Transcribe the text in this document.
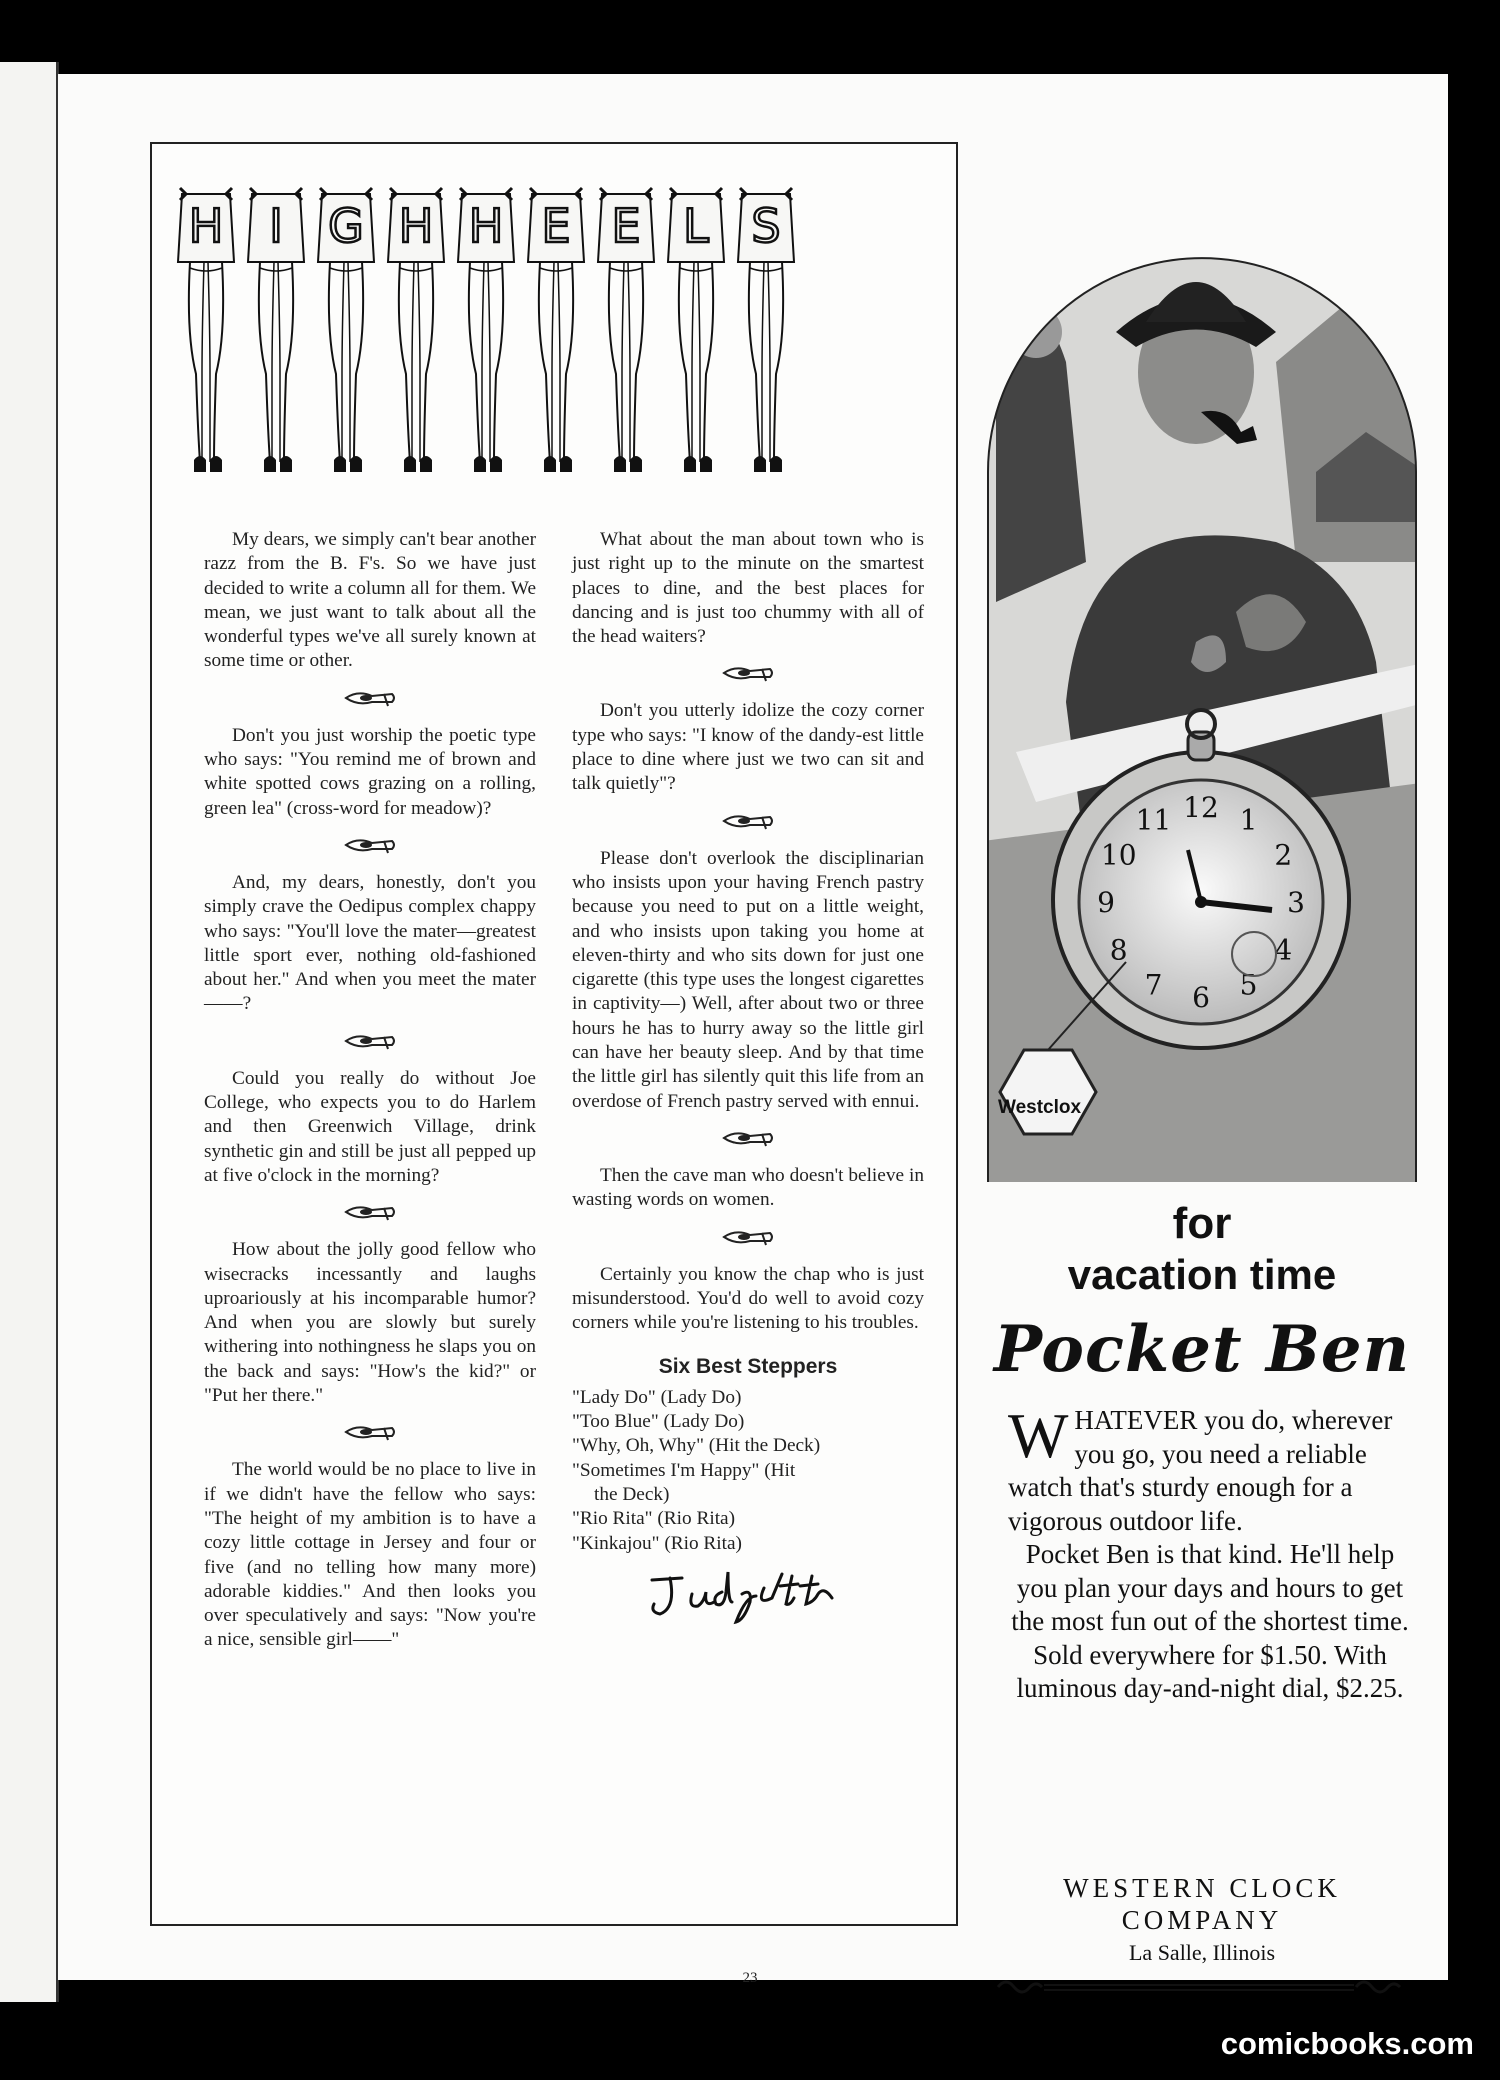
H I G H H E E L S

My dears, we simply can't bear another razz from the B. F's. So we have just decided to write a column all for them. We mean, we just want to talk about all the wonderful types we've all surely known at some time or other.

Don't you just worship the poetic type who says: "You remind me of brown and white spotted cows grazing on a rolling, green lea" (cross-word for meadow)?

And, my dears, honestly, don't you simply crave the Oedipus complex chappy who says: "You'll love the mater—greatest little sport ever, nothing old-fashioned about her." And when you meet the mater——?

Could you really do without Joe College, who expects you to do Harlem and then Greenwich Village, drink synthetic gin and still be just all pepped up at five o'clock in the morning?

How about the jolly good fellow who wisecracks incessantly and laughs uproariously at his incomparable humor? And when you are slowly but surely withering into nothingness he slaps you on the back and says: "How's the kid?" or "Put her there."

The world would be no place to live in if we didn't have the fellow who says: "The height of my ambition is to have a cozy little cottage in Jersey and four or five (and no telling how many more) adorable kiddies." And then looks you over speculatively and says: "Now you're a nice, sensible girl——"

What about the man about town who is just right up to the minute on the smartest places to dine, and the best places for dancing and is just too chummy with all of the head waiters?

Don't you utterly idolize the cozy corner type who says: "I know of the dandy-est little place to dine where just we two can sit and talk quietly"?

Please don't overlook the disciplinarian who insists upon your having French pastry because you need to put on a little weight, and who insists upon taking you home at eleven-thirty and who sits down for just one cigarette (this type uses the longest cigarettes in captivity—) Well, after about two or three hours he has to hurry away so the little girl can have her beauty sleep. And by that time the little girl has silently quit this life from an overdose of French pastry served with ennui.

Then the cave man who doesn't believe in wasting words on women.

Certainly you know the chap who is just misunderstood. You'd do well to avoid cozy corners while you're listening to his troubles.

Six Best Steppers
"Lady Do" (Lady Do)
"Too Blue" (Lady Do)
"Why, Oh, Why" (Hit the Deck)
"Sometimes I'm Happy" (Hit
the Deck)
"Rio Rita" (Rio Rita)
"Kinkajou" (Rio Rita)
1
2
3
4
5
6
7
8
9
10
11 12
Westclox
for
vacation time
Pocket Ben

WHATEVER you do, wherever you go, you need a reliable watch that's sturdy enough for a vigorous outdoor life.

Pocket Ben is that kind. He'll help you plan your days and hours to get the most fun out of the shortest time.

Sold everywhere for $1.50. With luminous day-and-night dial, $2.25.

WESTERN CLOCK
COMPANY
La Salle, Illinois
23
comicbooks.com
